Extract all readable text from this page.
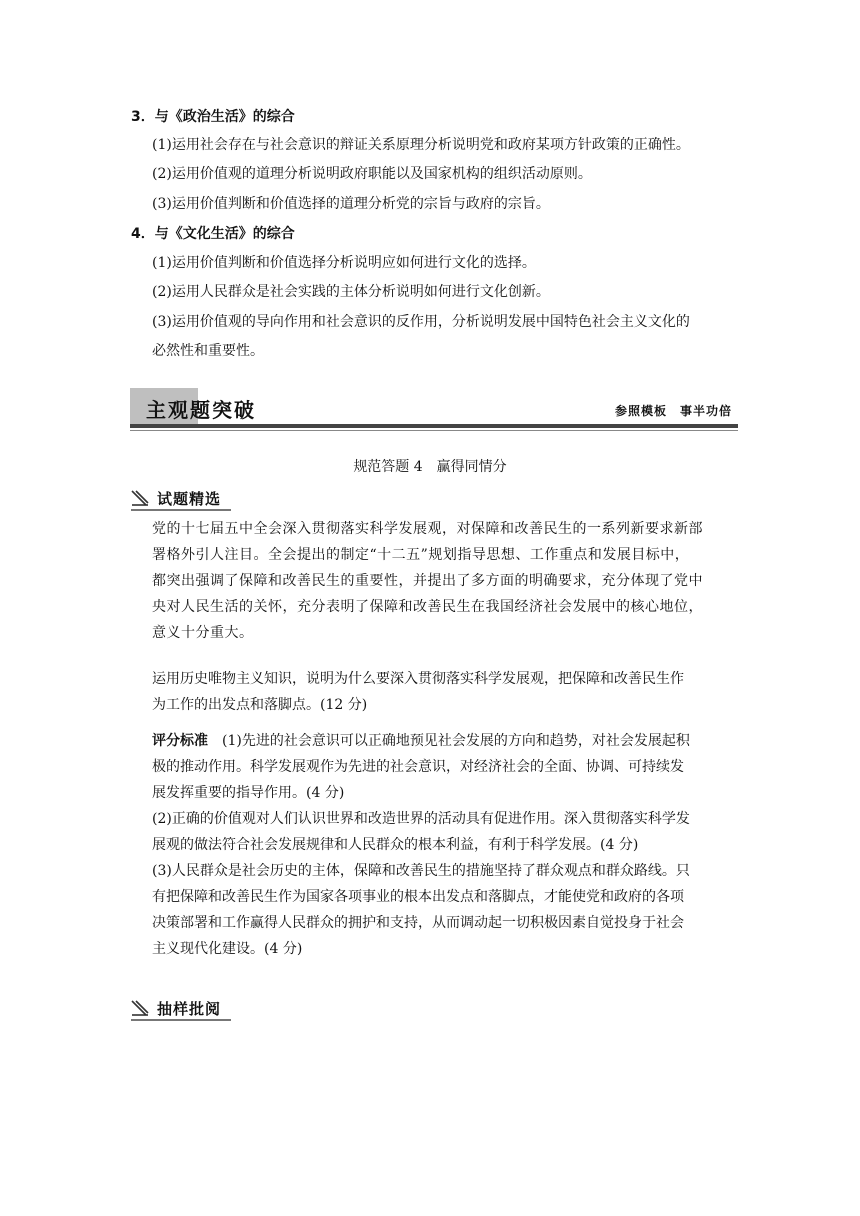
3．与《政治生活》的综合
(1)运用社会存在与社会意识的辩证关系原理分析说明党和政府某项方针政策的正确性。
(2)运用价值观的道理分析说明政府职能以及国家机构的组织活动原则。
(3)运用价值判断和价值选择的道理分析党的宗旨与政府的宗旨。
4．与《文化生活》的综合
(1)运用价值判断和价值选择分析说明应如何进行文化的选择。
(2)运用人民群众是社会实践的主体分析说明如何进行文化创新。
(3)运用价值观的导向作用和社会意识的反作用，分析说明发展中国特色社会主义文化的
必然性和重要性。
主观题突破	参照模板　事半功倍
规范答题 4　赢得同情分
试题精选
党的十七届五中全会深入贯彻落实科学发展观，对保障和改善民生的一系列新要求新部
署格外引人注目。全会提出的制定“十二五”规划指导思想、工作重点和发展目标中，
都突出强调了保障和改善民生的重要性，并提出了多方面的明确要求，充分体现了党中
央对人民生活的关怀，充分表明了保障和改善民生在我国经济社会发展中的核心地位，
意义十分重大。
运用历史唯物主义知识，说明为什么要深入贯彻落实科学发展观，把保障和改善民生作
为工作的出发点和落脚点。(12 分)
评分标准　(1)先进的社会意识可以正确地预见社会发展的方向和趋势，对社会发展起积
极的推动作用。科学发展观作为先进的社会意识，对经济社会的全面、协调、可持续发
展发挥重要的指导作用。(4 分)
(2)正确的价值观对人们认识世界和改造世界的活动具有促进作用。深入贯彻落实科学发
展观的做法符合社会发展规律和人民群众的根本利益，有利于科学发展。(4 分)
(3)人民群众是社会历史的主体，保障和改善民生的措施坚持了群众观点和群众路线。只
有把保障和改善民生作为国家各项事业的根本出发点和落脚点，才能使党和政府的各项
决策部署和工作赢得人民群众的拥护和支持，从而调动起一切积极因素自觉投身于社会
主义现代化建设。(4 分)
抽样批阅
